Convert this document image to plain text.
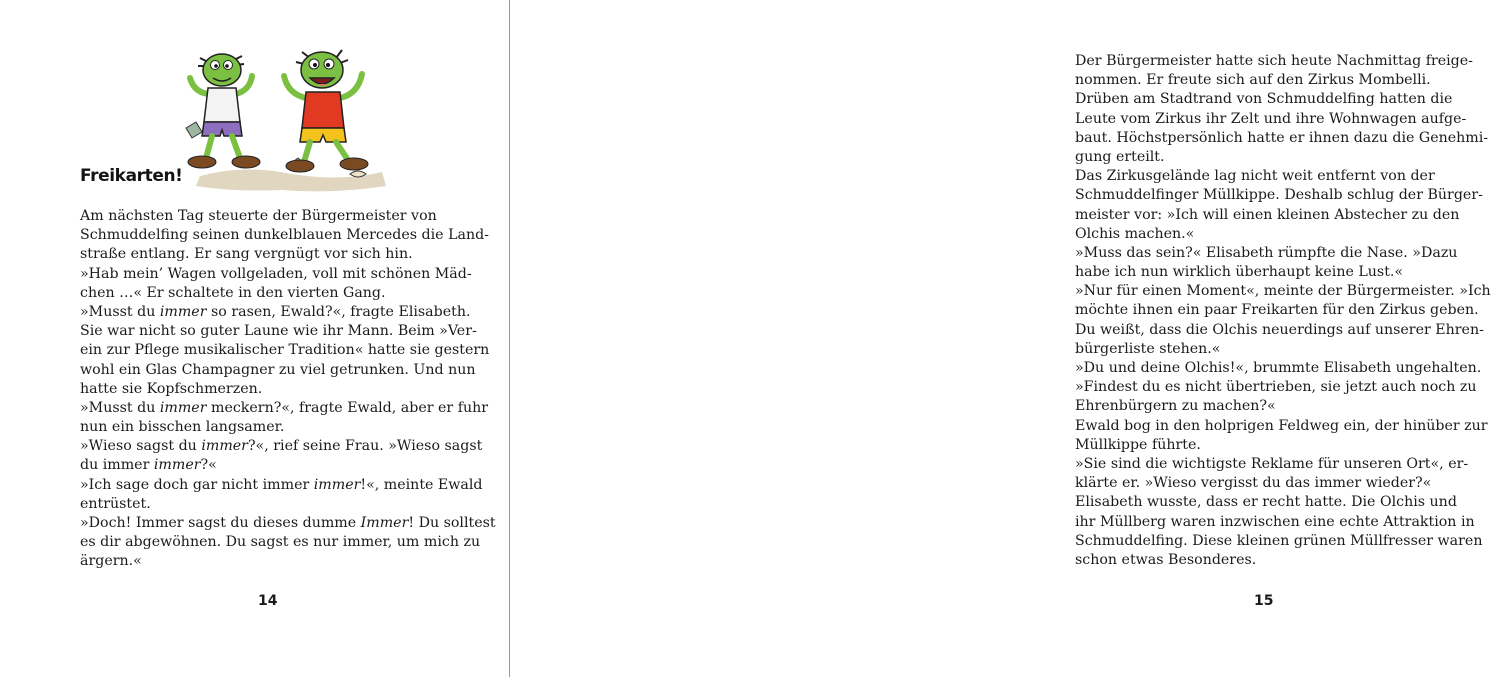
Freikarten!
Am nächsten Tag steuerte der Bürgermeister von
Schmuddelfing seinen dunkelblauen Mercedes die Land-
straße entlang. Er sang vergnügt vor sich hin.
»Hab mein’ Wagen vollgeladen, voll mit schönen Mäd-
chen …« Er schaltete in den vierten Gang.
»Musst du immer so rasen, Ewald?«, fragte Elisabeth.
Sie war nicht so guter Laune wie ihr Mann. Beim »Ver-
ein zur Pflege musikalischer Tradition« hatte sie gestern
wohl ein Glas Champagner zu viel getrunken. Und nun
hatte sie Kopfschmerzen.
»Musst du immer meckern?«, fragte Ewald, aber er fuhr
nun ein bisschen langsamer.
»Wieso sagst du immer?«, rief seine Frau. »Wieso sagst
du immer immer?«
»Ich sage doch gar nicht immer immer!«, meinte Ewald
entrüstet.
»Doch! Immer sagst du dieses dumme Immer! Du solltest
es dir abgewöhnen. Du sagst es nur immer, um mich zu
ärgern.«

14

Der Bürgermeister hatte sich heute Nachmittag freige-
nommen. Er freute sich auf den Zirkus Mombelli.
Drüben am Stadtrand von Schmuddelfing hatten die
Leute vom Zirkus ihr Zelt und ihre Wohnwagen aufge-
baut. Höchstpersönlich hatte er ihnen dazu die Genehmi-
gung erteilt.
Das Zirkusgelände lag nicht weit entfernt von der
Schmuddelfinger Müllkippe. Deshalb schlug der Bürger-
meister vor: »Ich will einen kleinen Abstecher zu den
Olchis machen.«
»Muss das sein?« Elisabeth rümpfte die Nase. »Dazu
habe ich nun wirklich überhaupt keine Lust.«
»Nur für einen Moment«, meinte der Bürgermeister. »Ich
möchte ihnen ein paar Freikarten für den Zirkus geben.
Du weißt, dass die Olchis neuerdings auf unserer Ehren-
bürgerliste stehen.«
»Du und deine Olchis!«, brummte Elisabeth ungehalten.
»Findest du es nicht übertrieben, sie jetzt auch noch zu
Ehrenbürgern zu machen?«
Ewald bog in den holprigen Feldweg ein, der hinüber zur
Müllkippe führte.
»Sie sind die wichtigste Reklame für unseren Ort«, er-
klärte er. »Wieso vergisst du das immer wieder?«
Elisabeth wusste, dass er recht hatte. Die Olchis und
ihr Müllberg waren inzwischen eine echte Attraktion in
Schmuddelfing. Diese kleinen grünen Müllfresser waren
schon etwas Besonderes.

15
